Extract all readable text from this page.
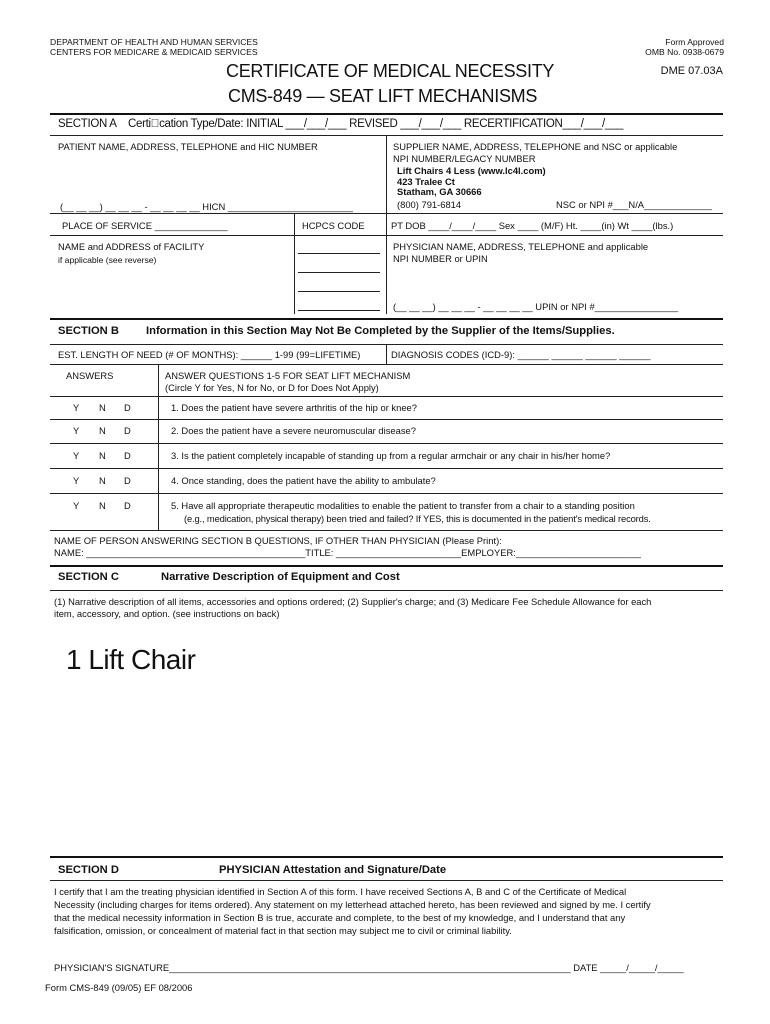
DEPARTMENT OF HEALTH AND HUMAN SERVICES
CENTERS FOR MEDICARE & MEDICAID SERVICES
Form Approved
OMB No. 0938-0679
CERTIFICATE OF MEDICAL NECESSITY
CMS-849 — SEAT LIFT MECHANISMS
DME 07.03A
SECTION A Certi cation Type/Date: INITIAL ___/___/___ REVISED ___/___/___ RECERTIFICATION___/___/___
PATIENT NAME, ADDRESS, TELEPHONE and HIC NUMBER
(__ __ __) __ __ __ - __ __ __ __ HICN ________________________
SUPPLIER NAME, ADDRESS, TELEPHONE and NSC or applicable
NPI NUMBER/LEGACY NUMBER
Lift Chairs 4 Less (www.lc4l.com)
423 Tralee Ct
Statham, GA 30666
(800) 791-6814	NSC or NPI #___N/A_____________
PLACE OF SERVICE ______________	HCPCS CODE	PT DOB ____/____/____ Sex ____ (M/F) Ht. ____(in) Wt ____(lbs.)
NAME and ADDRESS of FACILITY
if applicable (see reverse)
PHYSICIAN NAME, ADDRESS, TELEPHONE and applicable
NPI NUMBER or UPIN
(__ __ __) __ __ __ - __ __ __ __ UPIN or NPI #________________
SECTION B Information in this Section May Not Be Completed by the Supplier of the Items/Supplies.
EST. LENGTH OF NEED (# OF MONTHS): ______ 1-99 (99=LIFETIME)	DIAGNOSIS CODES (ICD-9): ______ ______ ______ ______
ANSWERS	ANSWER QUESTIONS 1-5 FOR SEAT LIFT MECHANISM
(Circle Y for Yes, N for No, or D for Does Not Apply)
Y N D	1. Does the patient have severe arthritis of the hip or knee?
Y N D	2. Does the patient have a severe neuromuscular disease?
Y N D	3. Is the patient completely incapable of standing up from a regular armchair or any chair in his/her home?
Y N D	4. Once standing, does the patient have the ability to ambulate?
Y N D	5. Have all appropriate therapeutic modalities to enable the patient to transfer from a chair to a standing position
(e.g., medication, physical therapy) been tried and failed? If YES, this is documented in the patient's medical records.
NAME OF PERSON ANSWERING SECTION B QUESTIONS, IF OTHER THAN PHYSICIAN (Please Print):
NAME: __________________________________________TITLE: ________________________EMPLOYER:________________________
SECTION C	Narrative Description of Equipment and Cost
(1) Narrative description of all items, accessories and options ordered; (2) Supplier's charge; and (3) Medicare Fee Schedule Allowance for each
item, accessory, and option. (see instructions on back)
1 Lift Chair
SECTION D	PHYSICIAN Attestation and Signature/Date
I certify that I am the treating physician identified in Section A of this form. I have received Sections A, B and C of the Certificate of Medical
Necessity (including charges for items ordered). Any statement on my letterhead attached hereto, has been reviewed and signed by me. I certify
that the medical necessity information in Section B is true, accurate and complete, to the best of my knowledge, and I understand that any
falsification, omission, or concealment of material fact in that section may subject me to civil or criminal liability.
PHYSICIAN'S SIGNATURE_____________________________________________________________________________ DATE _____/_____/_____
Form CMS-849 (09/05) EF 08/2006
